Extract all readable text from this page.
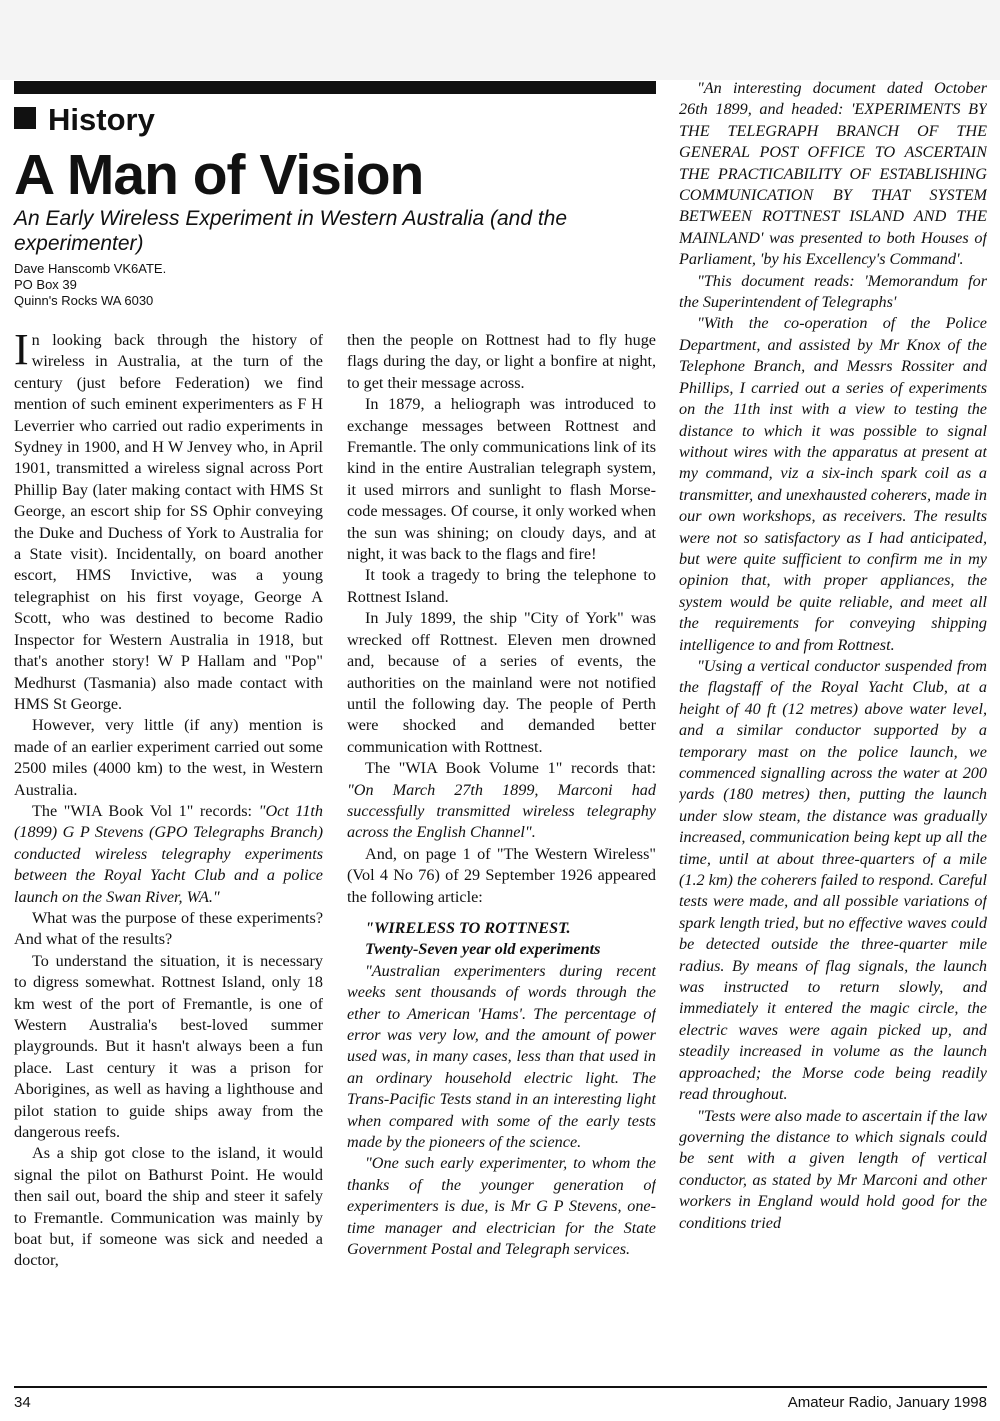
History
A Man of Vision
An Early Wireless Experiment in Western Australia (and the experimenter)
Dave Hanscomb VK6ATE.
PO Box 39
Quinn's Rocks WA 6030

In looking back through the history of wireless in Australia, at the turn of the century (just before Federation) we find mention of such eminent experimenters as F H Leverrier who carried out radio experiments in Sydney in 1900, and H W Jenvey who, in April 1901, transmitted a wireless signal across Port Phillip Bay (later making contact with HMS St George, an escort ship for SS Ophir conveying the Duke and Duchess of York to Australia for a State visit). Incidentally, on board another escort, HMS Invictive, was a young telegraphist on his first voyage, George A Scott, who was destined to become Radio Inspector for Western Australia in 1918, but that's another story! W P Hallam and "Pop" Medhurst (Tasmania) also made contact with HMS St George.

However, very little (if any) mention is made of an earlier experiment carried out some 2500 miles (4000 km) to the west, in Western Australia.

The "WIA Book Vol 1" records: "Oct 11th (1899) G P Stevens (GPO Telegraphs Branch) conducted wireless telegraphy experiments between the Royal Yacht Club and a police launch on the Swan River, WA."

What was the purpose of these experiments? And what of the results?

To understand the situation, it is necessary to digress somewhat. Rottnest Island, only 18 km west of the port of Fremantle, is one of Western Australia's best-loved summer playgrounds. But it hasn't always been a fun place. Last century it was a prison for Aborigines, as well as having a lighthouse and pilot station to guide ships away from the dangerous reefs.

As a ship got close to the island, it would signal the pilot on Bathurst Point. He would then sail out, board the ship and steer it safely to Fremantle. Communication was mainly by boat but, if someone was sick and needed a doctor,

then the people on Rottnest had to fly huge flags during the day, or light a bonfire at night, to get their message across.

In 1879, a heliograph was introduced to exchange messages between Rottnest and Fremantle. The only communications link of its kind in the entire Australian telegraph system, it used mirrors and sunlight to flash Morse-code messages. Of course, it only worked when the sun was shining; on cloudy days, and at night, it was back to the flags and fire!

It took a tragedy to bring the telephone to Rottnest Island.

In July 1899, the ship "City of York" was wrecked off Rottnest. Eleven men drowned and, because of a series of events, the authorities on the mainland were not notified until the following day. The people of Perth were shocked and demanded better communication with Rottnest.

The "WIA Book Volume 1" records that: "On March 27th 1899, Marconi had successfully transmitted wireless telegraphy across the English Channel".

And, on page 1 of "The Western Wireless" (Vol 4 No 76) of 29 September 1926 appeared the following article:

"WIRELESS TO ROTTNEST.

Twenty-Seven year old experiments

"Australian experimenters during recent weeks sent thousands of words through the ether to American 'Hams'. The percentage of error was very low, and the amount of power used was, in many cases, less than that used in an ordinary household electric light. The Trans-Pacific Tests stand in an interesting light when compared with some of the early tests made by the pioneers of the science.

"One such early experimenter, to whom the thanks of the younger generation of experimenters is due, is Mr G P Stevens, one-time manager and electrician for the State Government Postal and Telegraph services.

"An interesting document dated October 26th 1899, and headed: 'EXPERIMENTS BY THE TELEGRAPH BRANCH OF THE GENERAL POST OFFICE TO ASCERTAIN THE PRACTICABILITY OF ESTABLISHING COMMUNICATION BY THAT SYSTEM BETWEEN ROTTNEST ISLAND AND THE MAINLAND' was presented to both Houses of Parliament, 'by his Excellency's Command'.

"This document reads: 'Memorandum for the Superintendent of Telegraphs'

"With the co-operation of the Police Department, and assisted by Mr Knox of the Telephone Branch, and Messrs Rossiter and Phillips, I carried out a series of experiments on the 11th inst with a view to testing the distance to which it was possible to signal without wires with the apparatus at present at my command, viz a six-inch spark coil as a transmitter, and unexhausted coherers, made in our own workshops, as receivers. The results were not so satisfactory as I had anticipated, but were quite sufficient to confirm me in my opinion that, with proper appliances, the system would be quite reliable, and meet all the requirements for conveying shipping intelligence to and from Rottnest.

"Using a vertical conductor suspended from the flagstaff of the Royal Yacht Club, at a height of 40 ft (12 metres) above water level, and a similar conductor supported by a temporary mast on the police launch, we commenced signalling across the water at 200 yards (180 metres) then, putting the launch under slow steam, the distance was gradually increased, communication being kept up all the time, until at about three-quarters of a mile (1.2 km) the coherers failed to respond. Careful tests were made, and all possible variations of spark length tried, but no effective waves could be detected outside the three-quarter mile radius. By means of flag signals, the launch was instructed to return slowly, and immediately it entered the magic circle, the electric waves were again picked up, and steadily increased in volume as the launch approached; the Morse code being readily read throughout.

"Tests were also made to ascertain if the law governing the distance to which signals could be sent with a given length of vertical conductor, as stated by Mr Marconi and other workers in England would hold good for the conditions tried

34	Amateur Radio, January 1998
